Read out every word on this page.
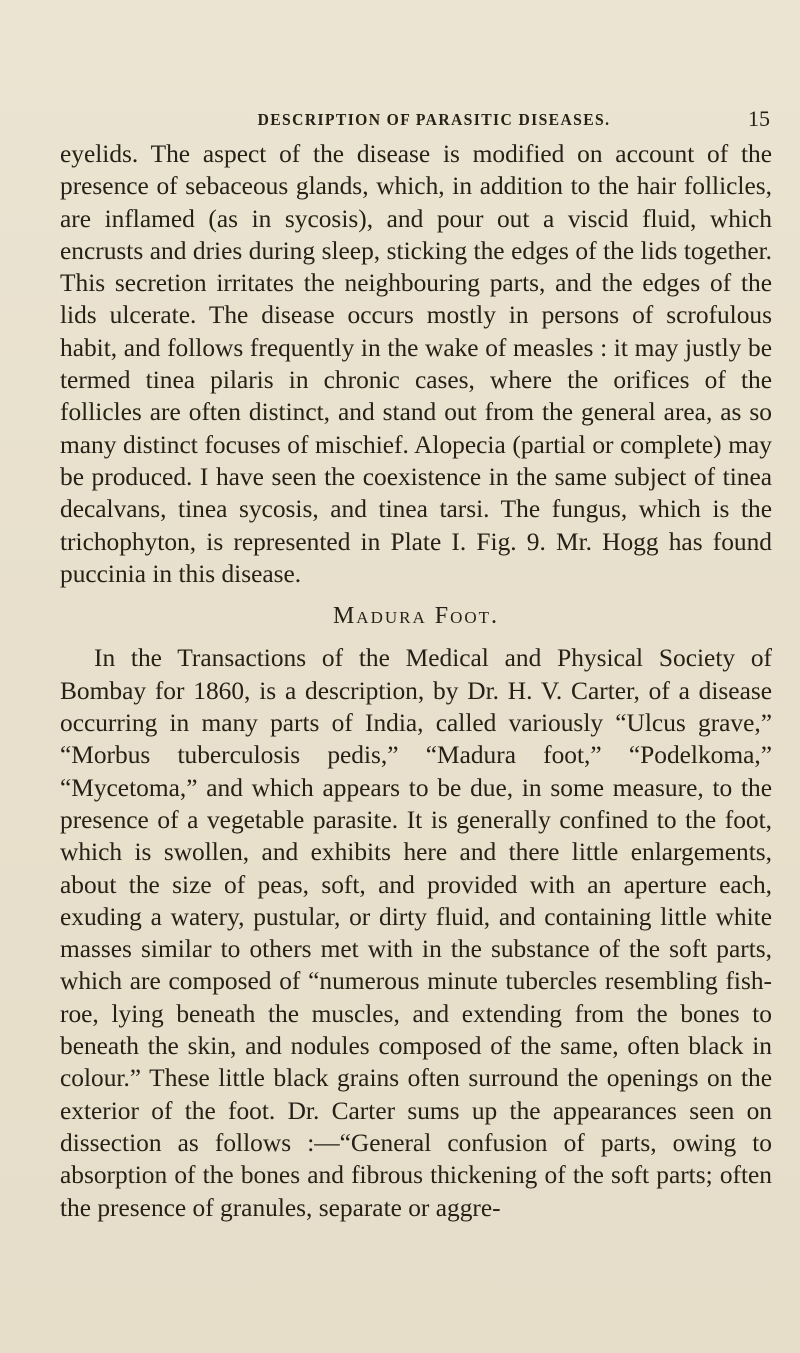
DESCRIPTION OF PARASITIC DISEASES.	15

eyelids. The aspect of the disease is modified on account of the presence of sebaceous glands, which, in addition to the hair follicles, are inflamed (as in sycosis), and pour out a viscid fluid, which encrusts and dries during sleep, sticking the edges of the lids together. This secretion irritates the neighbouring parts, and the edges of the lids ulcerate. The disease occurs mostly in persons of scrofulous habit, and follows frequently in the wake of measles : it may justly be termed tinea pilaris in chronic cases, where the orifices of the follicles are often distinct, and stand out from the general area, as so many distinct focuses of mischief. Alopecia (partial or complete) may be produced. I have seen the coexistence in the same subject of tinea decalvans, tinea sycosis, and tinea tarsi. The fungus, which is the trichophyton, is represented in Plate I. Fig. 9. Mr. Hogg has found puccinia in this disease.

Madura Foot.

In the Transactions of the Medical and Physical Society of Bombay for 1860, is a description, by Dr. H. V. Carter, of a disease occurring in many parts of India, called variously “Ulcus grave,” “Morbus tuberculosis pedis,” “Madura foot,” “Podelkoma,” “Mycetoma,” and which appears to be due, in some measure, to the presence of a vegetable parasite. It is generally confined to the foot, which is swollen, and exhibits here and there little enlargements, about the size of peas, soft, and provided with an aperture each, exuding a watery, pustular, or dirty fluid, and containing little white masses similar to others met with in the substance of the soft parts, which are composed of “numerous minute tubercles resembling fish-roe, lying beneath the muscles, and extending from the bones to beneath the skin, and nodules composed of the same, often black in colour.” These little black grains often surround the openings on the exterior of the foot. Dr. Carter sums up the appearances seen on dissection as follows :—“General confusion of parts, owing to absorption of the bones and fibrous thickening of the soft parts; often the presence of granules, separate or aggre-
